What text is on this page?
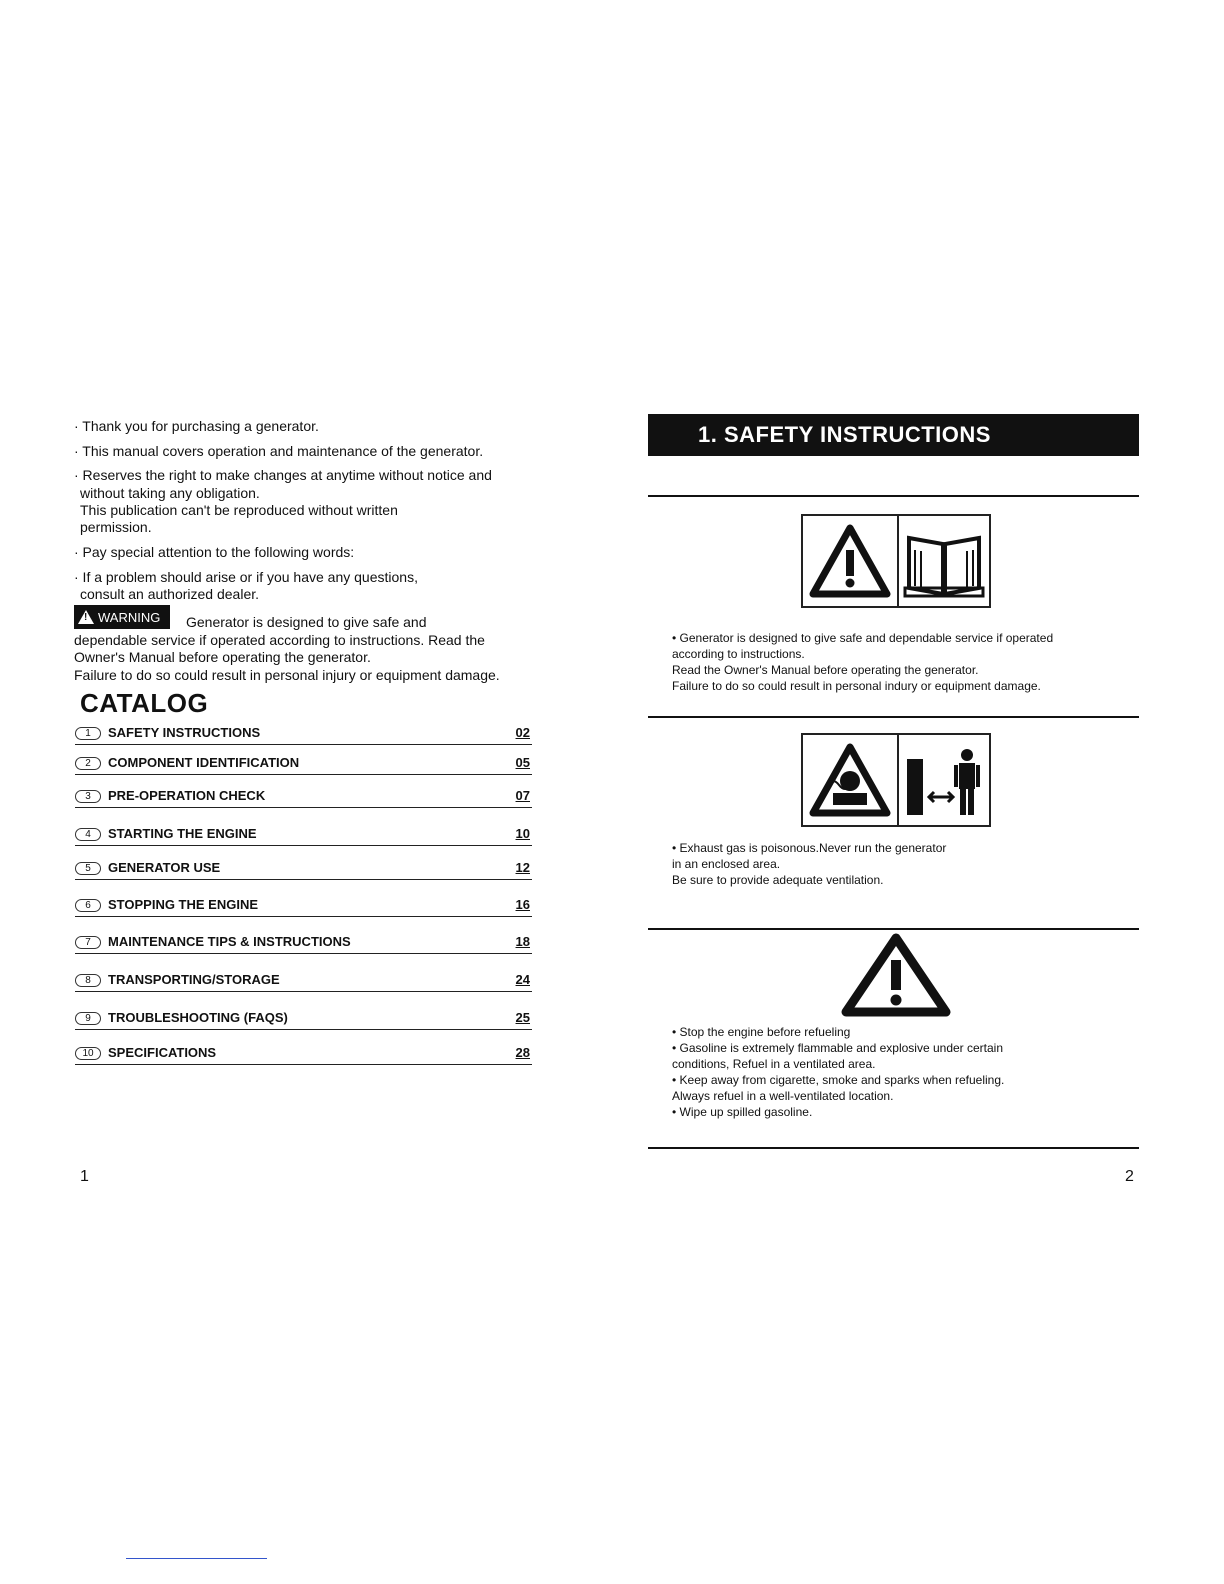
· Thank you for purchasing a generator.
· This manual covers operation and maintenance of the generator.
· Reserves the right to make changes at anytime without notice and
without taking any obligation.
This publication can't be reproduced without written
permission.
· Pay special attention to the following words:
· If a problem should arise or if you have any questions,
consult an authorized dealer.
!
WARNING Generator is designed to give safe and
dependable service if operated according to instructions. Read the
Owner's Manual before operating the generator.
Failure to do so could result in personal injury or equipment damage.
CATALOG
1	SAFETY INSTRUCTIONS	02
2	COMPONENT IDENTIFICATION	05
3	PRE-OPERATION CHECK	07
4	STARTING THE ENGINE	10
5	GENERATOR USE	12
6	STOPPING THE ENGINE	16
7	MAINTENANCE TIPS & INSTRUCTIONS	18
8	TRANSPORTING/STORAGE	24
9	TROUBLESHOOTING (FAQS)	25
10	SPECIFICATIONS	28
1
1. SAFETY INSTRUCTIONS
• Generator is designed to give safe and dependable service if operated
according to instructions.
Read the Owner's Manual before operating the generator.
Failure to do so could result in personal indury or equipment damage.
• Exhaust gas is poisonous.Never run the generator
in an enclosed area.
Be sure to provide adequate ventilation.
• Stop the engine before refueling
• Gasoline is extremely flammable and explosive under certain
conditions, Refuel in a ventilated area.
• Keep away from cigarette, smoke and sparks when refueling.
Always refuel in a well-ventilated location.
• Wipe up spilled gasoline.
2
